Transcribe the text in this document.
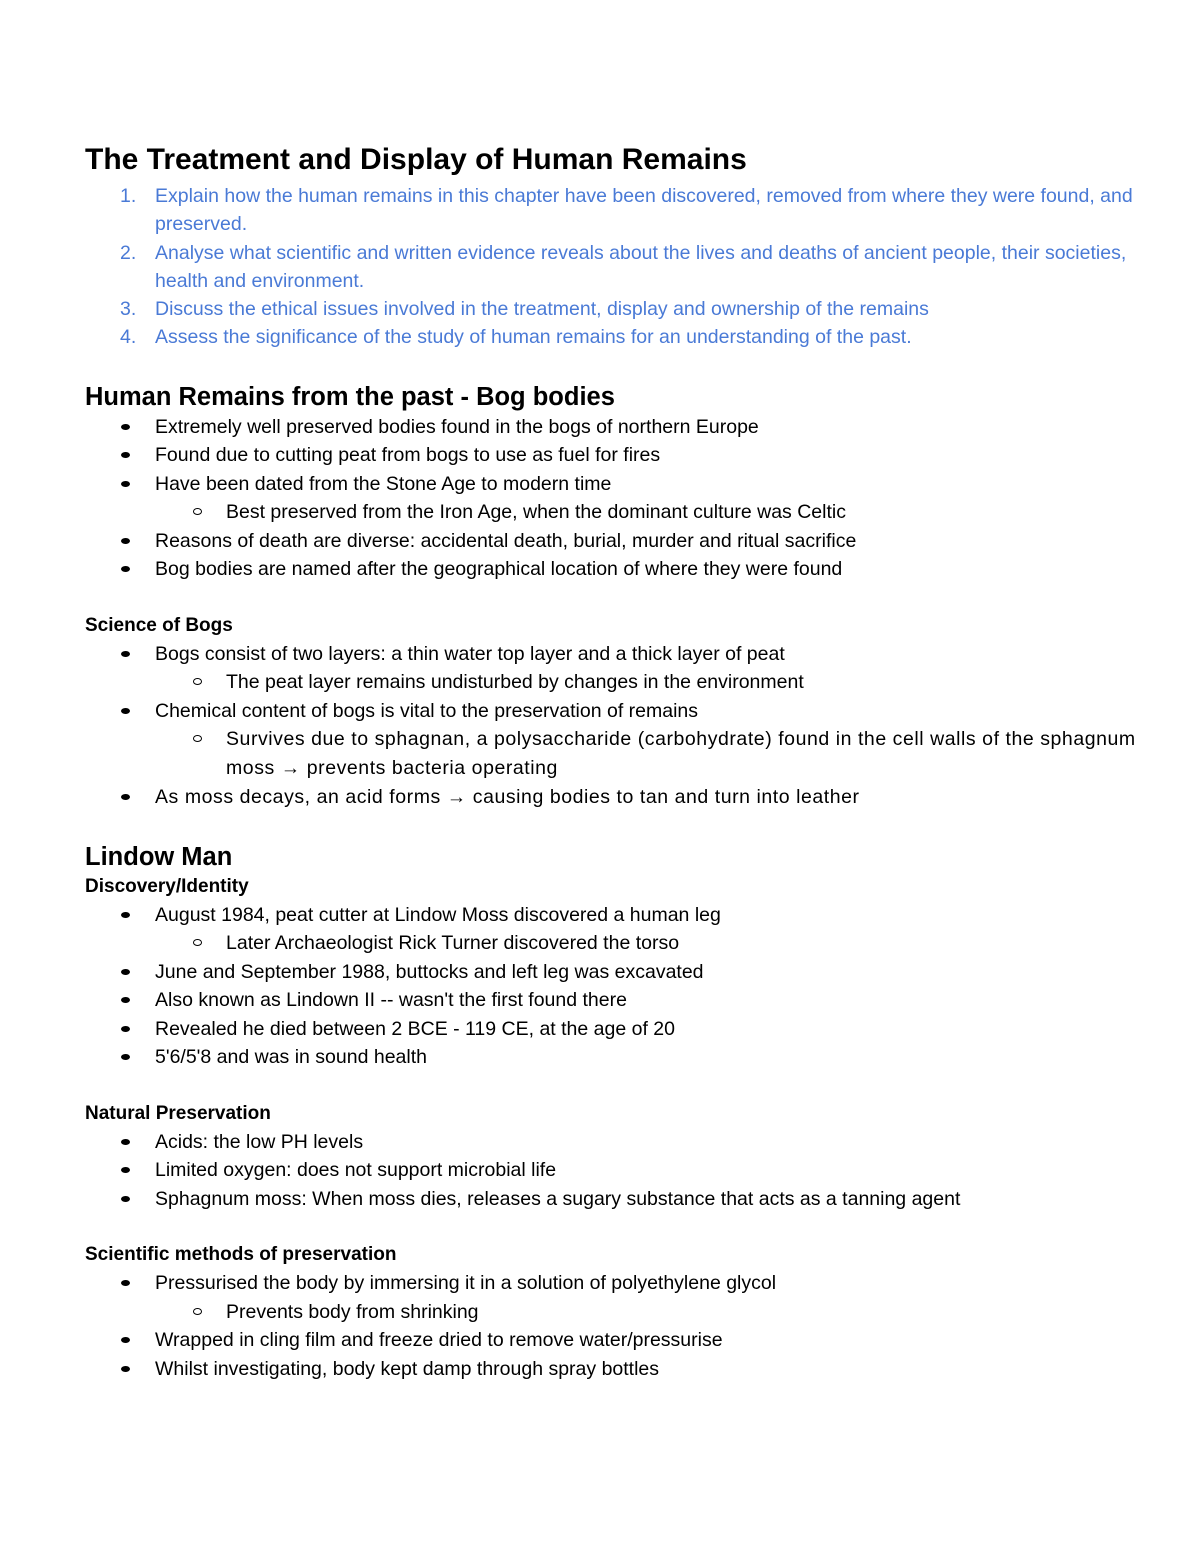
The Treatment and Display of Human Remains
1. Explain how the human remains in this chapter have been discovered, removed from where they were found, and preserved.
2. Analyse what scientific and written evidence reveals about the lives and deaths of ancient people, their societies, health and environment.
3. Discuss the ethical issues involved in the treatment, display and ownership of the remains
4. Assess the significance of the study of human remains for an understanding of the past.
Human Remains from the past - Bog bodies
Extremely well preserved bodies found in the bogs of northern Europe
Found due to cutting peat from bogs to use as fuel for fires
Have been dated from the Stone Age to modern time
Best preserved from the Iron Age, when the dominant culture was Celtic
Reasons of death are diverse: accidental death, burial, murder and ritual sacrifice
Bog bodies are named after the geographical location of where they were found
Science of Bogs
Bogs consist of two layers: a thin water top layer and a thick layer of peat
The peat layer remains undisturbed by changes in the environment
Chemical content of bogs is vital to the preservation of remains
Survives due to sphagnan, a polysaccharide (carbohydrate) found in the cell walls of the sphagnum moss → prevents bacteria operating
As moss decays, an acid forms → causing bodies to tan and turn into leather
Lindow Man
Discovery/Identity
August 1984, peat cutter at Lindow Moss discovered a human leg
Later Archaeologist Rick Turner discovered the torso
June and September 1988, buttocks and left leg was excavated
Also known as Lindown II -- wasn't the first found there
Revealed he died between 2 BCE - 119 CE, at the age of 20
5'6/5'8 and was in sound health
Natural Preservation
Acids: the low PH levels
Limited oxygen: does not support microbial life
Sphagnum moss: When moss dies, releases a sugary substance that acts as a tanning agent
Scientific methods of preservation
Pressurised the body by immersing it in a solution of polyethylene glycol
Prevents body from shrinking
Wrapped in cling film and freeze dried to remove water/pressurise
Whilst investigating, body kept damp through spray bottles
